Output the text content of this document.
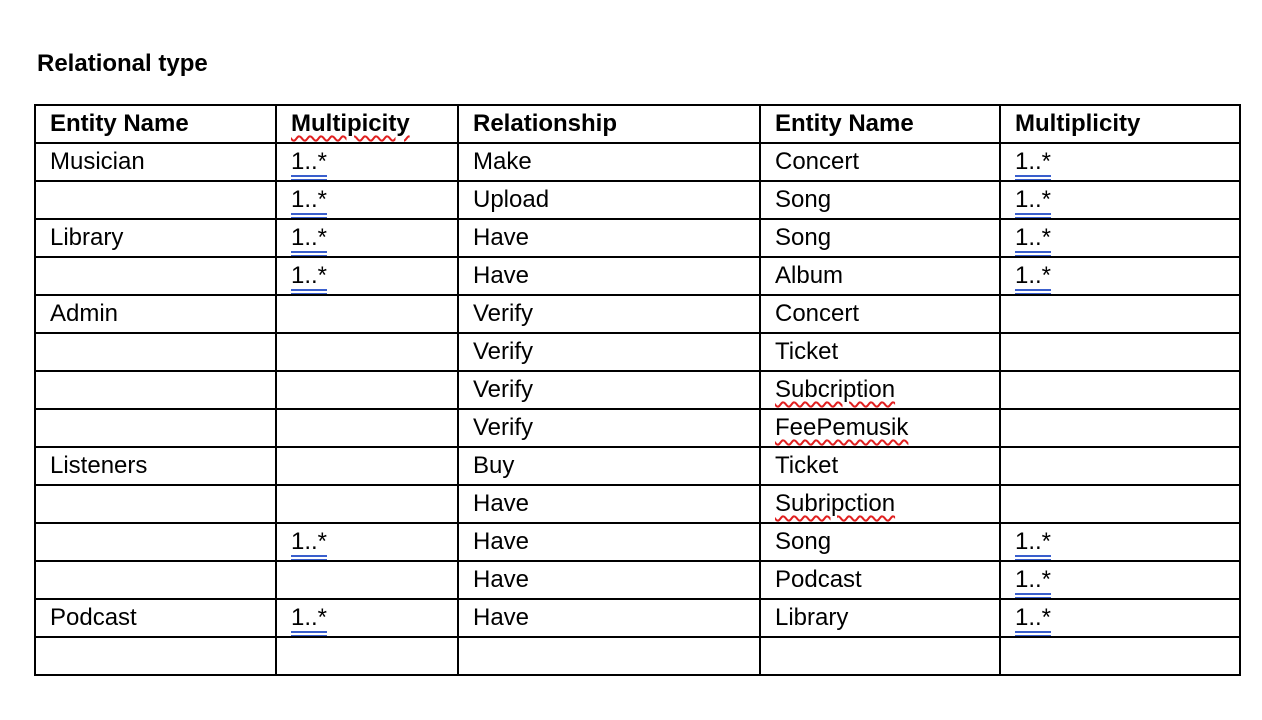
Relational type
Entity Name	Multipicity	Relationship	Entity Name	Multiplicity
Musician	1..*	Make	Concert	1..*
	1..*	Upload	Song	1..*
Library	1..*	Have	Song	1..*
	1..*	Have	Album	1..*
Admin		Verify	Concert	
		Verify	Ticket	
		Verify	Subcription	
		Verify	FeePemusik	
Listeners		Buy	Ticket	
		Have	Subripction	
	1..*	Have	Song	1..*
		Have	Podcast	1..*
Podcast	1..*	Have	Library	1..*
